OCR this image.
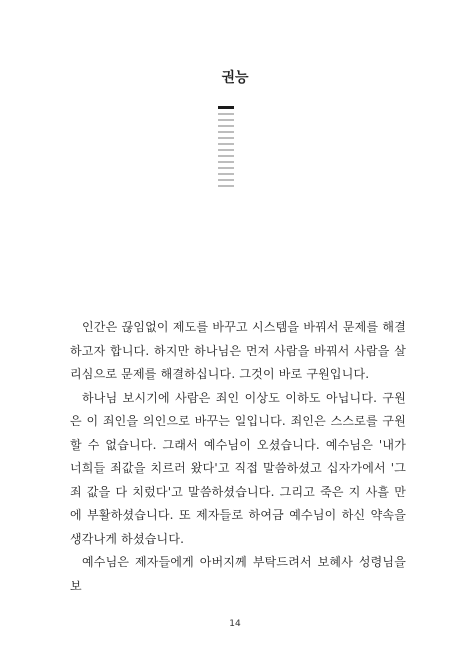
권능

인간은 끊임없이 제도를 바꾸고 시스템을 바꿔서 문제를 해결하고자 합니다. 하지만 하나님은 먼저 사람을 바꿔서 사람을 살리심으로 문제를 해결하십니다. 그것이 바로 구원입니다.

하나님 보시기에 사람은 죄인 이상도 이하도 아닙니다. 구원은 이 죄인을 의인으로 바꾸는 일입니다. 죄인은 스스로를 구원할 수 없습니다. 그래서 예수님이 오셨습니다. 예수님은 '내가 너희들 죄값을 치르러 왔다'고 직접 말씀하셨고 십자가에서 '그 죄 값을 다 치렀다'고 말씀하셨습니다. 그리고 죽은 지 사흘 만에 부활하셨습니다. 또 제자들로 하여금 예수님이 하신 약속을 생각나게 하셨습니다.

예수님은 제자들에게 아버지께 부탁드려서 보혜사 성령님을 보

14
